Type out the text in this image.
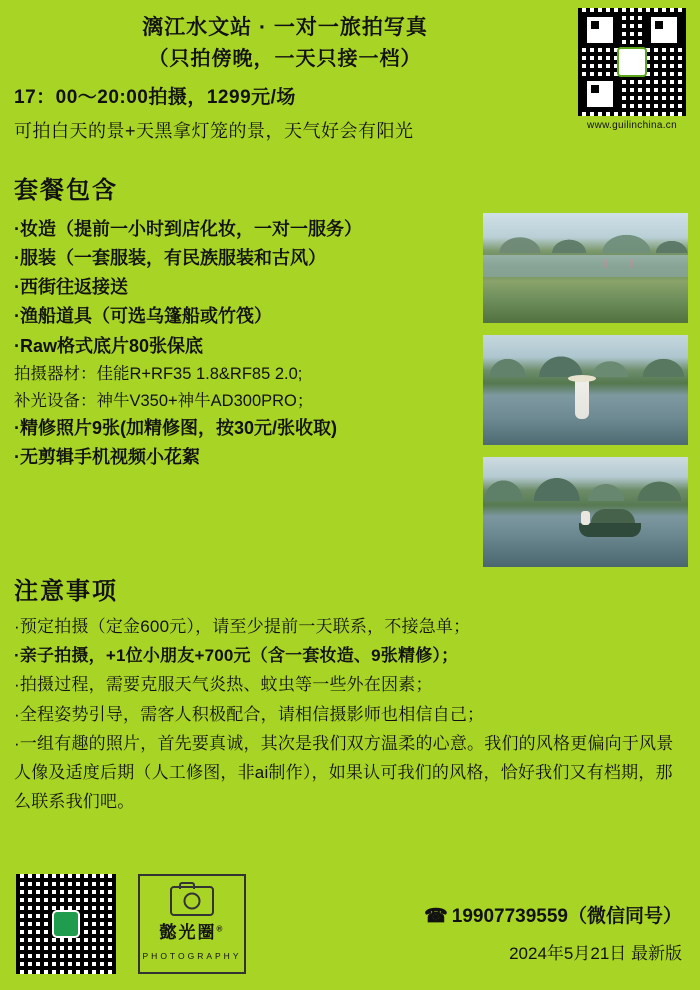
漓江水文站 · 一对一旅拍写真
（只拍傍晚，一天只接一档）
17：00～20:00拍摄，1299元/场
可拍白天的景+天黑拿灯笼的景，天气好会有阳光	www.guilinchina.cn
套餐包含
·妆造（提前一小时到店化妆，一对一服务）
·服装（一套服装，有民族服装和古风）
·西街往返接送
·渔船道具（可选乌篷船或竹筏）
·Raw格式底片80张保底
拍摄器材：佳能R+RF35 1.8&RF85 2.0;
补光设备：神牛V350+神牛AD300PRO；
·精修照片9张(加精修图，按30元/张收取)
·无剪辑手机视频小花絮
注意事项
·预定拍摄（定金600元），请至少提前一天联系，不接急单；
·亲子拍摄，+1位小朋友+700元（含一套妆造、9张精修）；
·拍摄过程，需要克服天气炎热、蚊虫等一些外在因素；
·全程姿势引导，需客人积极配合，请相信摄影师也相信自己；
·一组有趣的照片，首先要真诚，其次是我们双方温柔的心意。我们的风格更偏向于风景人像及适度后期（人工修图，非ai制作），如果认可我们的风格，恰好我们又有档期，那么联系我们吧。
懿光圈®
PHOTOGRAPHY
☎ 19907739559（微信同号）
2024年5月21日 最新版
